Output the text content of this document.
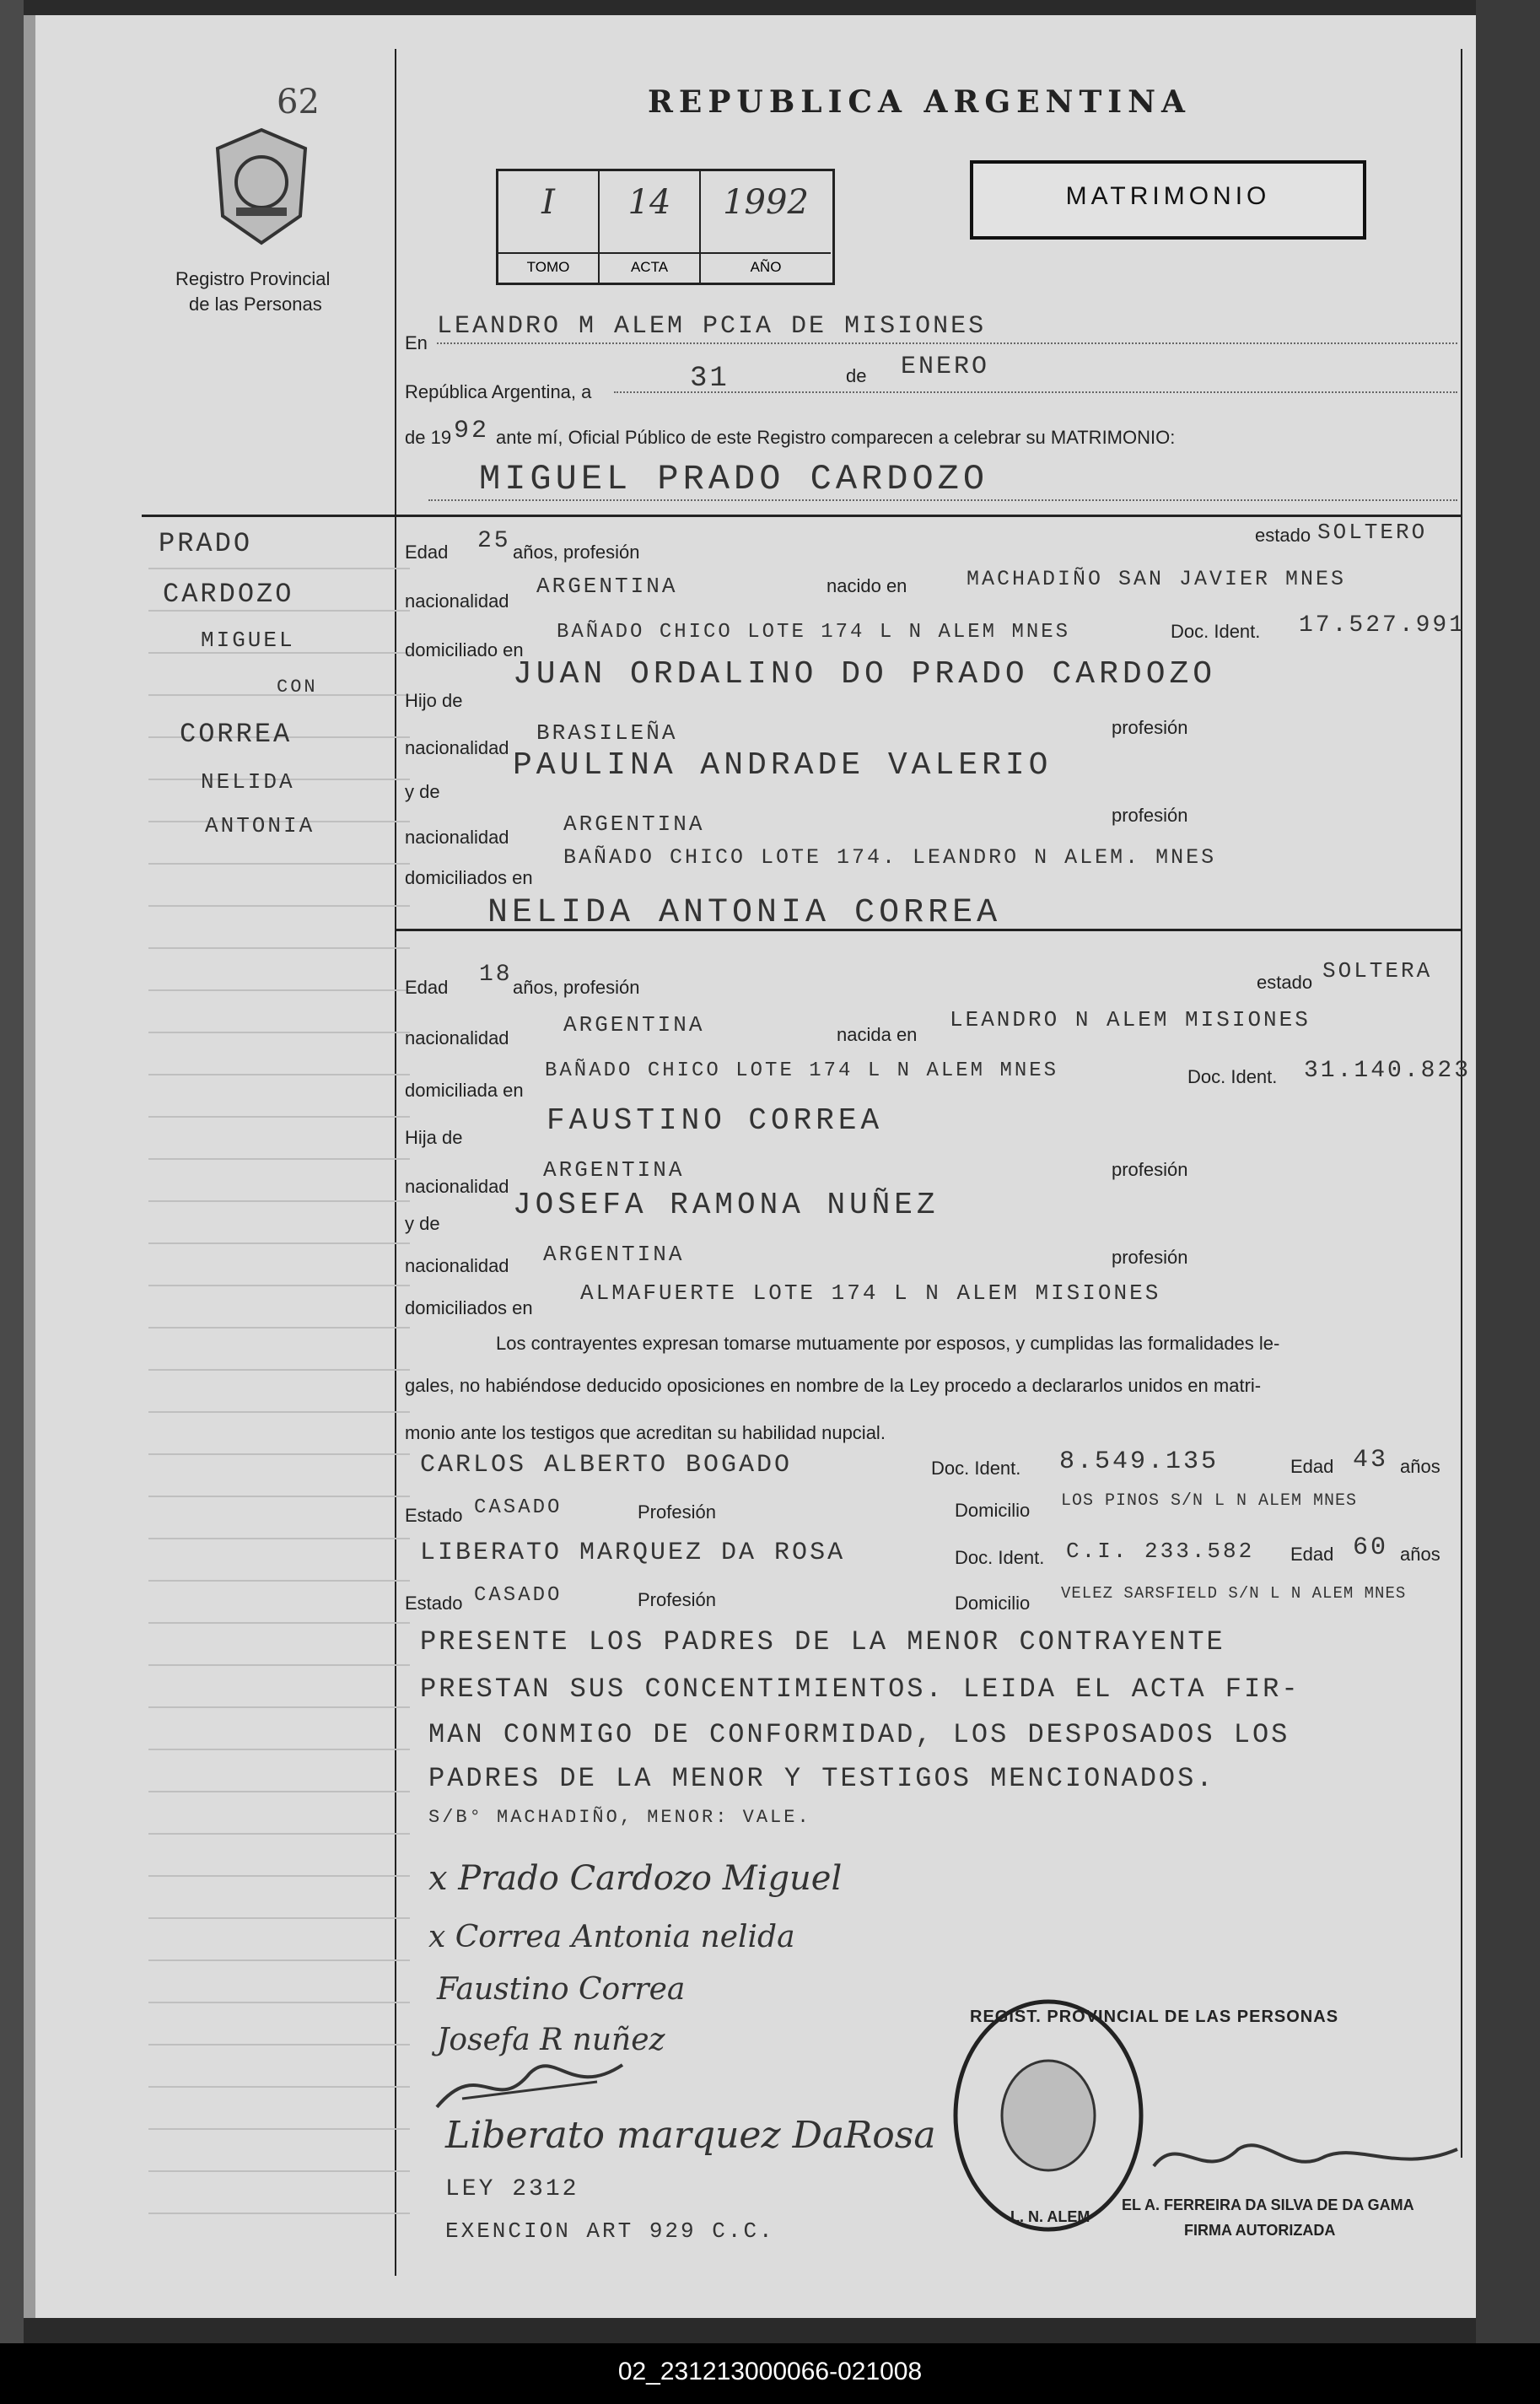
62
Registro Provincial
de las Personas
REPUBLICA ARGENTINA
I
TOMO
14
ACTA
1992
AÑO
MATRIMONIO
PRADO
CARDOZO
MIGUEL
CON
CORREA
NELIDA
ANTONIA
En
LEANDRO M ALEM PCIA DE MISIONES
República Argentina, a	31	de ENERO
de 19 92 ante mí, Oficial Público de este Registro comparecen a celebrar su MATRIMONIO:
MIGUEL PRADO CARDOZO
Edad 25 años, profesión
estado SOLTERO
nacionalidad
ARGENTINA	nacido en	MACHADIÑO SAN JAVIER MNES
domiciliado en
BAÑADO CHICO LOTE 174 L N ALEM MNES	Doc. Ident. 17.527.991
Hijo de
JUAN ORDALINO DO PRADO CARDOZO
nacionalidad
BRASILEÑA	profesión
y de
PAULINA ANDRADE VALERIO
nacionalidad
ARGENTINA	profesión
domiciliados en
BAÑADO CHICO LOTE 174. LEANDRO N ALEM. MNES
NELIDA ANTONIA CORREA
Edad 18 años, profesión	estado SOLTERA
nacionalidad
ARGENTINA	nacida en
LEANDRO N ALEM MISIONES
domiciliada en
BAÑADO CHICO LOTE 174 L N ALEM MNES	Doc. Ident. 31.140.823
Hija de	FAUSTINO CORREA
nacionalidad
ARGENTINA	profesión
y de
JOSEFA RAMONA NUÑEZ
nacionalidad ARGENTINA	profesión
domiciliados en
ALMAFUERTE LOTE 174 L N ALEM MISIONES
Los contrayentes expresan tomarse mutuamente por esposos, y cumplidas las formalidades le-
gales, no habiéndose deducido oposiciones en nombre de la Ley procedo a declararlos unidos en matri-
monio ante los testigos que acreditan su habilidad nupcial.
CARLOS ALBERTO BOGADO	Doc. Ident. 8.549.135	Edad 43 años
Estado CASADO	Profesión	Domicilio LOS PINOS S/N L N ALEM MNES
LIBERATO MARQUEZ DA ROSA	Doc. Ident. C.I. 233.582 Edad 60 años
Estado CASADO	Profesión	Domicilio VELEZ SARSFIELD S/N L N ALEM MNES
PRESENTE LOS PADRES DE LA MENOR CONTRAYENTE
PRESTAN SUS CONCENTIMIENTOS. LEIDA EL ACTA FIR-
MAN CONMIGO DE CONFORMIDAD, LOS DESPOSADOS LOS
PADRES DE LA MENOR Y TESTIGOS MENCIONADOS.
S/B° MACHADIÑO, MENOR: VALE.
x Prado Cardozo Miguel
x Correa Antonia nelida
Faustino Correa
Josefa R nuñez
Liberato marquez DaRosa
LEY 2312
EXENCION ART 929 C.C.
REGIST. PROVINCIAL DE LAS PERSONAS
L. N. ALEM
EL A. FERREIRA DA SILVA DE DA GAMA
FIRMA AUTORIZADA
02_231213000066-021008
